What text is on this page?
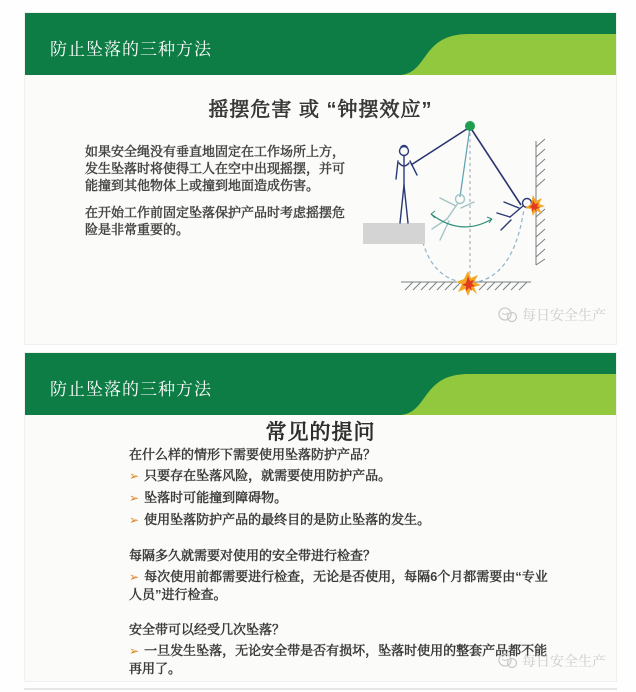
防止坠落的三种方法
摇摆危害 或 “钟摆效应”

如果安全绳没有垂直地固定在工作场所上方，发生坠落时将使得工人在空中出现摇摆，并可能撞到其他物体上或撞到地面造成伤害。

在开始工作前固定坠落保护产品时考虑摇摆危险是非常重要的。

每日安全生产
防止坠落的三种方法
常见的提问

在什么样的情形下需要使用坠落防护产品？

➢ 只要存在坠落风险，就需要使用防护产品。

➢ 坠落时可能撞到障碍物。

➢ 使用坠落防护产品的最终目的是防止坠落的发生。

每隔多久就需要对使用的安全带进行检查？

➢ 每次使用前都需要进行检查，无论是否使用，每隔6个月都需要由“专业人员”进行检查。

安全带可以经受几次坠落？

➢ 一旦发生坠落，无论安全带是否有损坏，坠落时使用的整套产品都不能再用了。	每日安全生产
